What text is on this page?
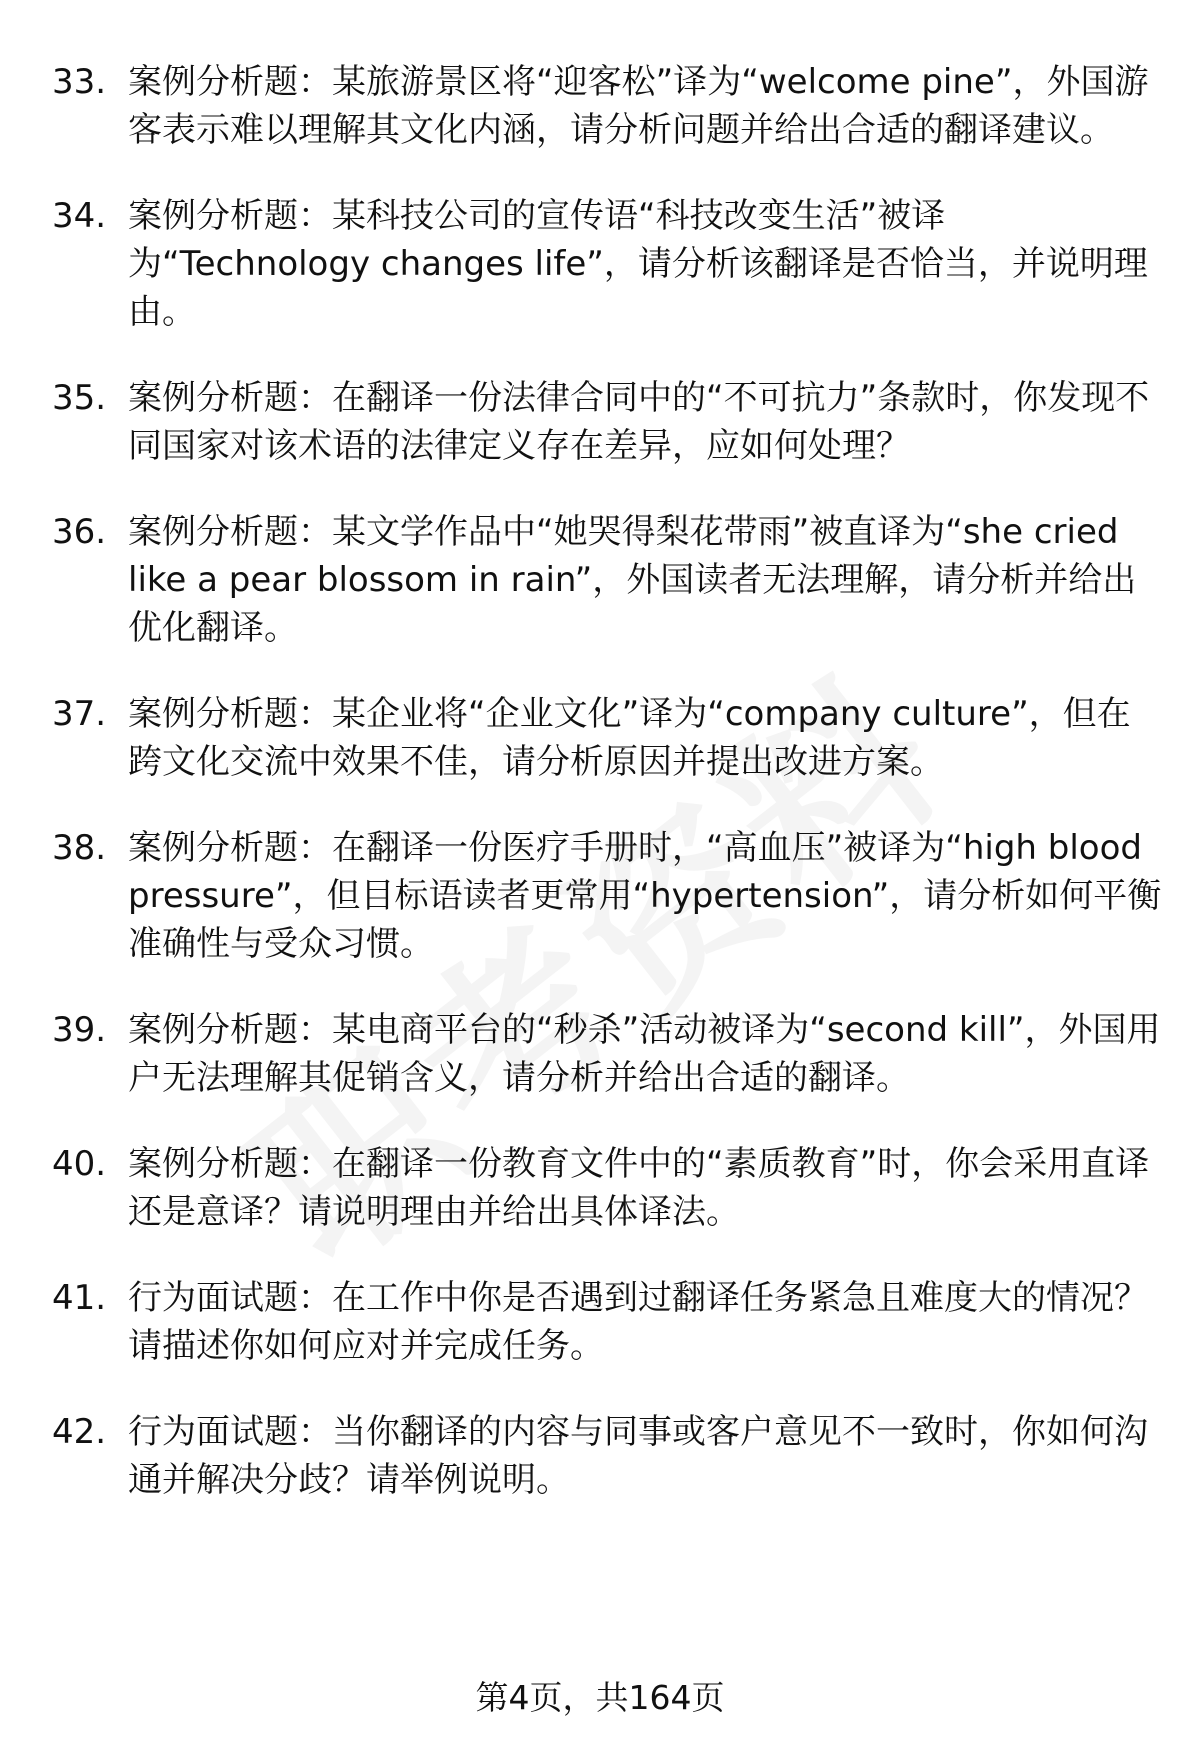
33. 案例分析题：某旅游景区将“迎客松”译为“welcome pine”，外国游客表示难以理解其文化内涵，请分析问题并给出合适的翻译建议。
34. 案例分析题：某科技公司的宣传语“科技改变生活”被译为“Technology changes life”，请分析该翻译是否恰当，并说明理由。
35. 案例分析题：在翻译一份法律合同中的“不可抗力”条款时，你发现不同国家对该术语的法律定义存在差异，应如何处理？
36. 案例分析题：某文学作品中“她哭得梨花带雨”被直译为“she cried like a pear blossom in rain”，外国读者无法理解，请分析并给出优化翻译。
37. 案例分析题：某企业将“企业文化”译为“company culture”，但在跨文化交流中效果不佳，请分析原因并提出改进方案。
38. 案例分析题：在翻译一份医疗手册时，“高血压”被译为“high blood pressure”，但目标语读者更常用“hypertension”，请分析如何平衡准确性与受众习惯。
39. 案例分析题：某电商平台的“秒杀”活动被译为“second kill”，外国用户无法理解其促销含义，请分析并给出合适的翻译。
40. 案例分析题：在翻译一份教育文件中的“素质教育”时，你会采用直译还是意译？请说明理由并给出具体译法。
41. 行为面试题：在工作中你是否遇到过翻译任务紧急且难度大的情况？请描述你如何应对并完成任务。
42. 行为面试题：当你翻译的内容与同事或客户意见不一致时，你如何沟通并解决分歧？请举例说明。
第4页，共164页
